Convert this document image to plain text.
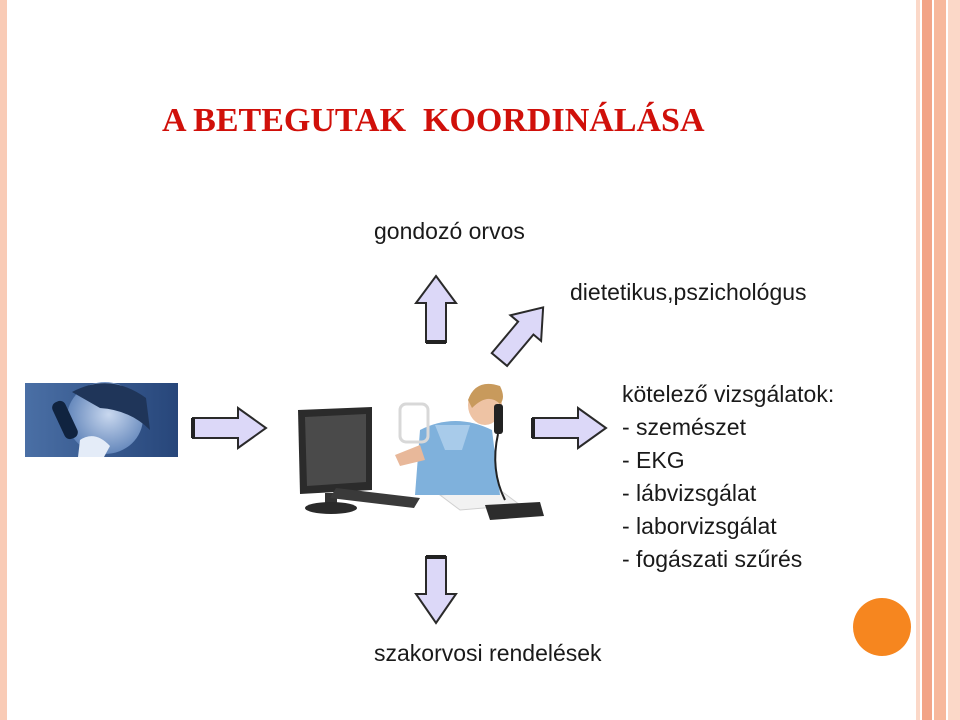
A BETEGUTAK  KOORDINÁLÁSA
gondozó orvos
dietetikus,pszichológus
szakorvosi rendelések
kötelező vizsgálatok:
- szemészet
- EKG
- lábvizsgálat
- laborvizsgálat
- fogászati szűrés
